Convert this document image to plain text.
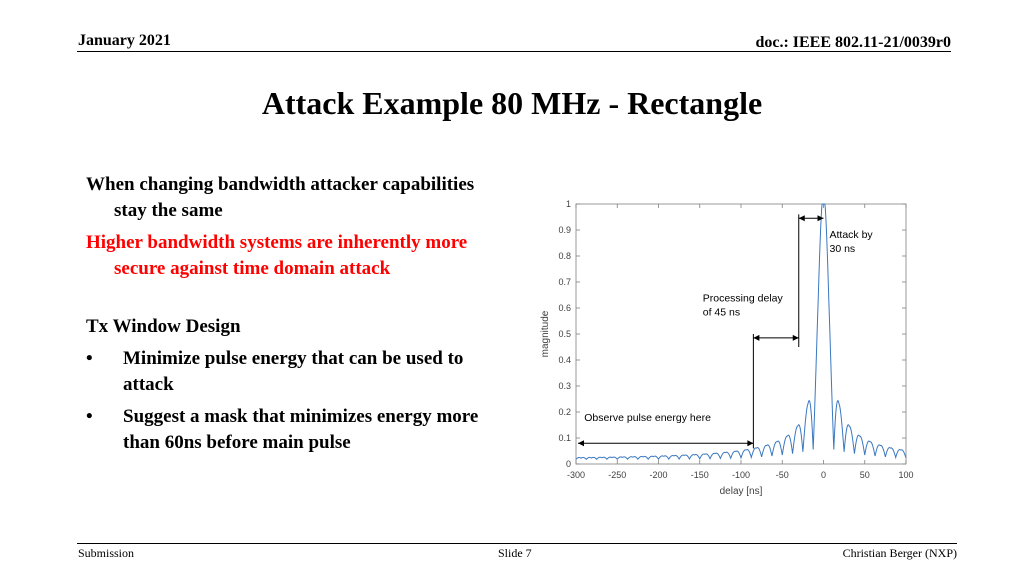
January 2021	doc.: IEEE 802.11-21/0039r0
Attack Example 80 MHz - Rectangle
When changing bandwidth attacker capabilities stay the same
Higher bandwidth systems are inherently more secure against time domain attack
Tx Window Design
• Minimize pulse energy that can be used to attack
• Suggest a mask that minimizes energy more than 60ns before main pulse
-300	-250	-200	-150	-100	-50	0	50	100
0
0.1
0.2
0.3
0.4
0.5
0.6
0.7
0.8
0.9
1
delay [ns]
magnitude
Attack by
30 ns
Processing delay
of 45 ns
Observe pulse energy here
Submission	Slide 7	Christian Berger (NXP)
